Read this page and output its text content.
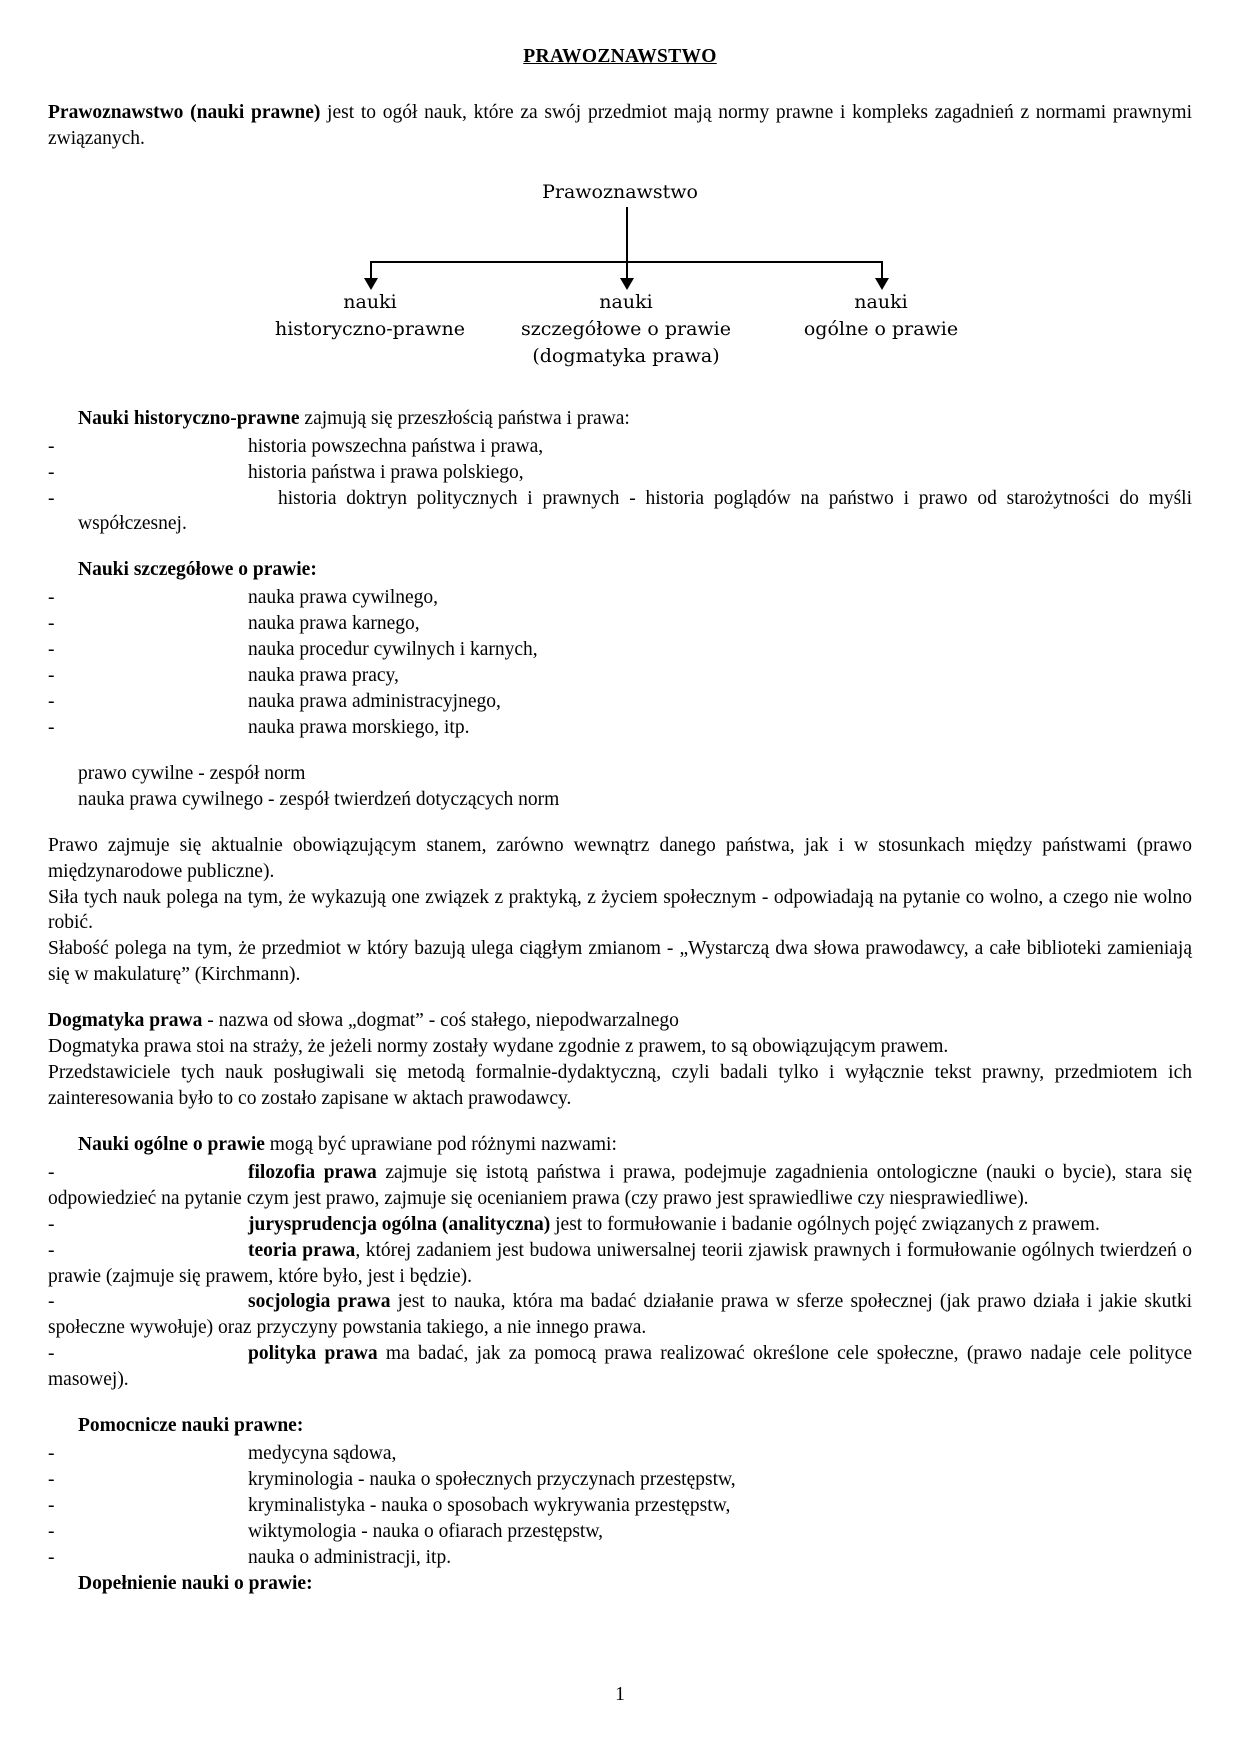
PRAWOZNAWSTWO

Prawoznawstwo (nauki prawne) jest to ogół nauk, które za swój przedmiot mają normy prawne i kompleks zagadnień z normami prawnymi związanych.

Prawoznawstwo
nauki
historyczno-prawne
nauki
szczegółowe o prawie
(dogmatyka prawa)
nauki
ogólne o prawie
Nauki historyczno-prawne zajmują się przeszłością państwa i prawa:
-	historia powszechna państwa i prawa,
-	historia państwa i prawa polskiego,
-	historia doktryn politycznych i prawnych - historia poglądów na państwo i prawo od starożytności do myśli współczesnej.
Nauki szczegółowe o prawie:
-	nauka prawa cywilnego,
-	nauka prawa karnego,
-	nauka procedur cywilnych i karnych,
-	nauka prawa pracy,
-	nauka prawa administracyjnego,
-	nauka prawa morskiego, itp.
prawo cywilne - zespół norm
nauka prawa cywilnego - zespół twierdzeń dotyczących norm

Prawo zajmuje się aktualnie obowiązującym stanem, zarówno wewnątrz danego państwa, jak i w stosunkach między państwami (prawo międzynarodowe publiczne).

Siła tych nauk polega na tym, że wykazują one związek z praktyką, z życiem społecznym - odpowiadają na pytanie co wolno, a czego nie wolno robić.

Słabość polega na tym, że przedmiot w który bazują ulega ciągłym zmianom - „Wystarczą dwa słowa prawodawcy, a całe biblioteki zamieniają się w makulaturę” (Kirchmann).

Dogmatyka prawa - nazwa od słowa „dogmat” - coś stałego, niepodwarzalnego
Dogmatyka prawa stoi na straży, że jeżeli normy zostały wydane zgodnie z prawem, to są obowiązującym prawem.

Przedstawiciele tych nauk posługiwali się metodą formalnie-dydaktyczną, czyli badali tylko i wyłącznie tekst prawny, przedmiotem ich zainteresowania było to co zostało zapisane w aktach prawodawcy.

Nauki ogólne o prawie mogą być uprawiane pod różnymi nazwami:
-	filozofia prawa zajmuje się istotą państwa i prawa, podejmuje zagadnienia ontologiczne (nauki o bycie), stara się odpowiedzieć na pytanie czym jest prawo, zajmuje się ocenianiem prawa (czy prawo jest sprawiedliwe czy niesprawiedliwe).
-	jurysprudencja ogólna (analityczna) jest to formułowanie i badanie ogólnych pojęć związanych z prawem.
-	teoria prawa, której zadaniem jest budowa uniwersalnej teorii zjawisk prawnych i formułowanie ogólnych twierdzeń o prawie (zajmuje się prawem, które było, jest i będzie).
-	socjologia prawa jest to nauka, która ma badać działanie prawa w sferze społecznej (jak prawo działa i jakie skutki społeczne wywołuje) oraz przyczyny powstania takiego, a nie innego prawa.
-	polityka prawa ma badać, jak za pomocą prawa realizować określone cele społeczne, (prawo nadaje cele polityce masowej).
Pomocnicze nauki prawne:
-	medycyna sądowa,
-	kryminologia - nauka o społecznych przyczynach przestępstw,
-	kryminalistyka - nauka o sposobach wykrywania przestępstw,
-	wiktymologia - nauka o ofiarach przestępstw,
-	nauka o administracji, itp.
Dopełnienie nauki o prawie:
1
